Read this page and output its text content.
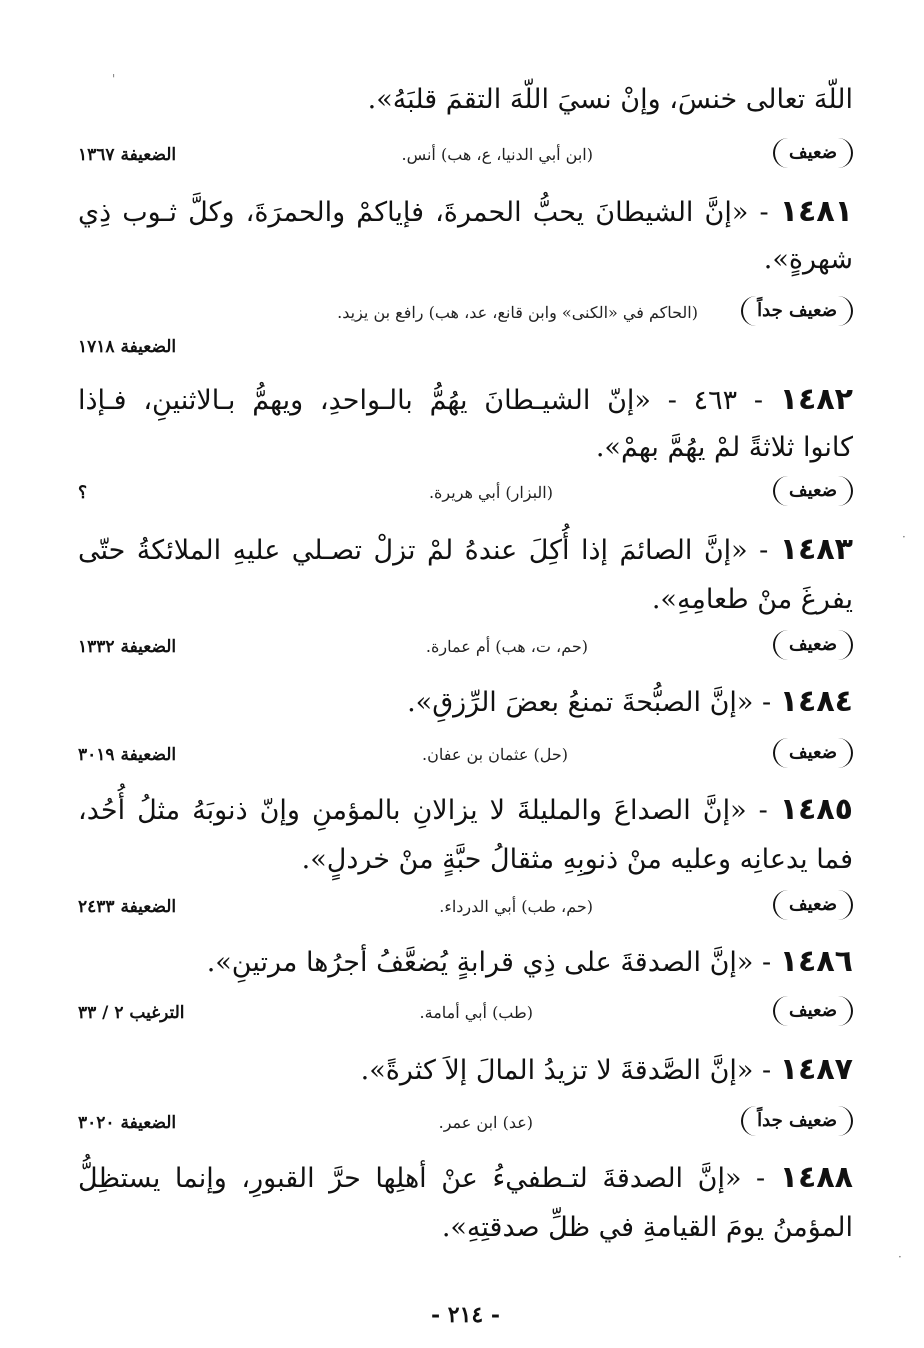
اللّهَ تعالى خنسَ، وإنْ نسيَ اللّهَ التقمَ قلبَهُ».
ضعيف
(ابن أبي الدنيا، ع، هب) أنس.
الضعيفة ١٣٦٧
١٤٨١ - «إنَّ الشيطانَ يحبُّ الحمرةَ، فإياكمْ والحمرَةَ، وكلَّ ثـوب ذِي
شهرةٍ».
ضعيف جداً
(الحاكم في «الكنى» وابن قانع، عد، هب) رافع بن يزيد.
الضعيفة ١٧١٨
١٤٨٢ - ٤٦٣ - «إنّ الشيـطانَ يهُمُّ بالـواحدِ، ويهمُّ بـالاثنينِ، فـإذا
كانوا ثلاثةً لمْ يهُمَّ بهمْ».
ضعيف
(البزار) أبي هريرة.
؟
١٤٨٣ - «إنَّ الصائمَ إذا أُكِلَ عندهُ لمْ تزلْ تصـلي عليهِ الملائكةُ حتّى
يفرغَ منْ طعامِهِ».
ضعيف
(حم، ت، هب) أم عمارة.
الضعيفة ١٣٣٢
١٤٨٤ - «إنَّ الصبُّحةَ تمنعُ بعضَ الرِّزقِ».
ضعيف
(حل) عثمان بن عفان.
الضعيفة ٣٠١٩
١٤٨٥ - «إنَّ الصداعَ والمليلةَ لا يزالانِ بالمؤمنِ وإنّ ذنوبَهُ مثلُ أُحُد،
فما يدعانِه وعليه منْ ذنوبِهِ مثقالُ حبَّةٍ منْ خردلٍ».
ضعيف
(حم، طب) أبي الدرداء.
الضعيفة ٢٤٣٣
١٤٨٦ - «إنَّ الصدقةَ على ذِي قرابةٍ يُضعَّفُ أجرُها مرتينِ».
ضعيف
(طب) أبي أمامة.
الترغيب ٢ / ٣٣
١٤٨٧ - «إنَّ الصَّدقةَ لا تزيدُ المالَ إلاَ كثرةً».
ضعيف جداً
(عد) ابن عمر.
الضعيفة ٣٠٢٠
١٤٨٨ - «إنَّ الصدقةَ لتـطفيءُ عنْ أهلِها حرَّ القبورِ، وإنما يستظِلُّ
المؤمنُ يومَ القيامةِ في ظلِّ صدقتِهِ».
- ٢١٤ -
'
·
·
